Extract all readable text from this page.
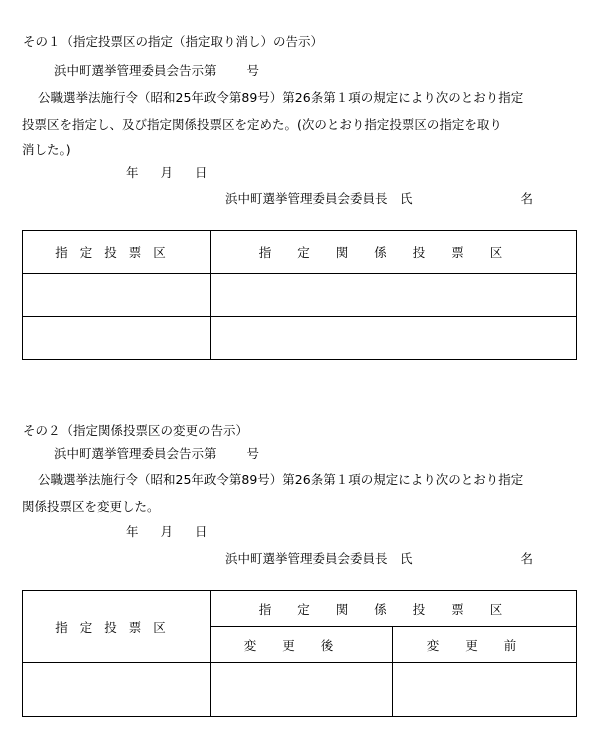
その１（指定投票区の指定（指定取り消し）の告示）
浜中町選挙管理委員会告示第 号
公職選挙法施行令（昭和25年政令第89号）第26条第１項の規定により次のとおり指定
投票区を指定し、及び指定関係投票区を定めた。(次のとおり指定投票区の指定を取り
消した。)
年 月 日
浜中町選挙管理委員会委員長　氏	名
指定投票区	指定関係投票区

その２（指定関係投票区の変更の告示）
浜中町選挙管理委員会告示第 号
公職選挙法施行令（昭和25年政令第89号）第26条第１項の規定により次のとおり指定
関係投票区を変更した。
年 月 日
浜中町選挙管理委員会委員長　氏	名
指定投票区	指定関係投票区	
	変更後	変更前
